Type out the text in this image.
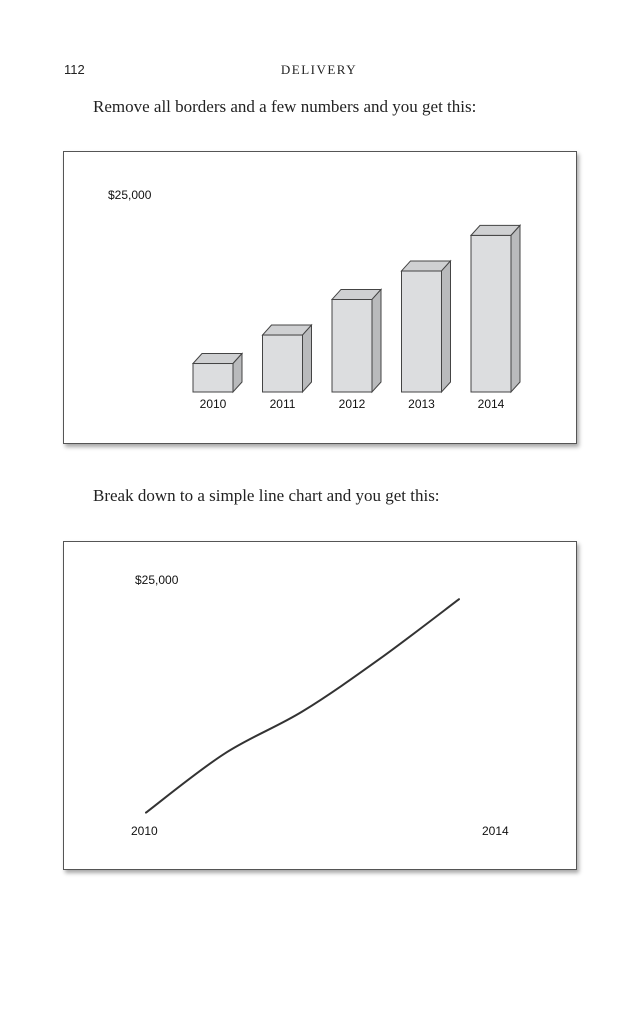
112	DELIVERY
Remove all borders and a few numbers and you get this:
$25,000
2010	2011	2012	2013	2014
Break down to a simple line chart and you get this:
$25,000
2010	2014
